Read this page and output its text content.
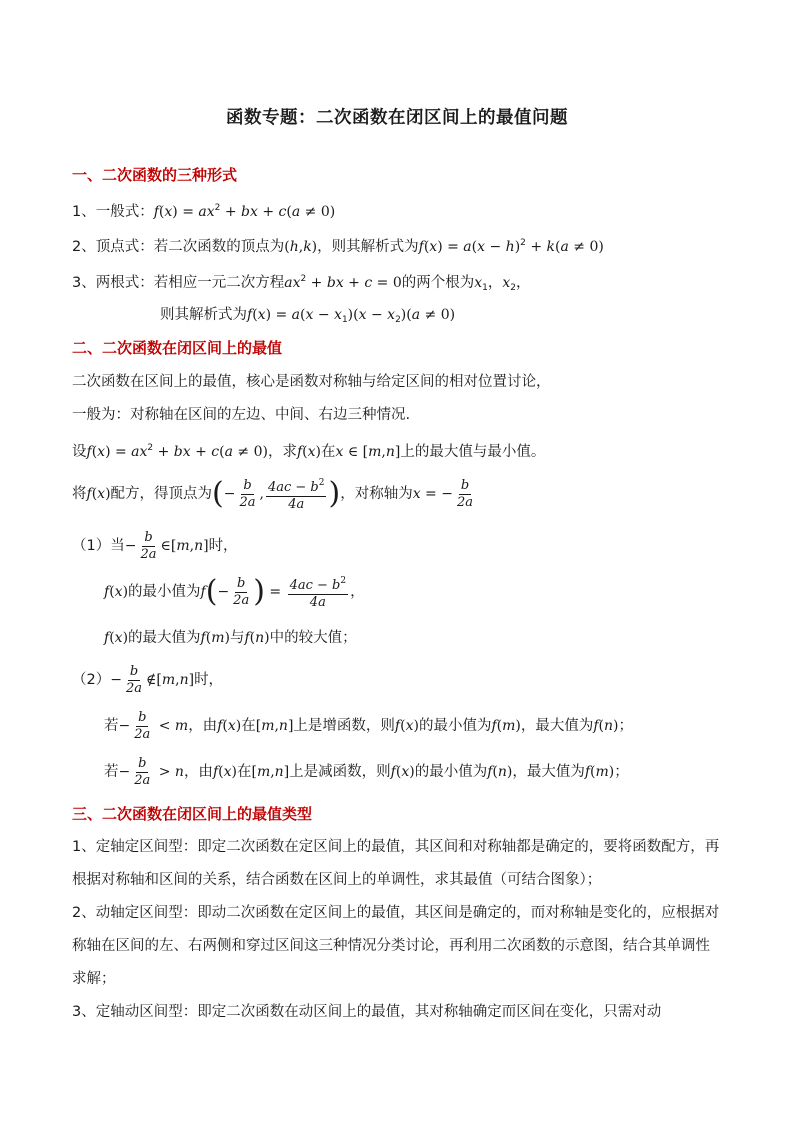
函数专题：二次函数在闭区间上的最值问题
一、二次函数的三种形式
1、一般式：$f(x) = ax^2$ + bx + c(a ≠ 0)
2、顶点式：若二次函数的顶点为(h,k)，则其解析式为$f(x) = a(x - h)^2 + k(a \ne 0)$
3、两根式：若相应一元二次方程$ax^2$ + bx + c = 0的两个根为$x_1$，$x_2$，
则其解析式为$f(x) = a(x - x_1)(x - x_2)(a \ne 0)$
二、二次函数在闭区间上的最值
二次函数在区间上的最值，核心是函数对称轴与给定区间的相对位置讨论，
一般为：对称轴在区间的左边、中间、右边三种情况.
设$f(x) = ax^2$ + bx + c(a ≠ 0)，求f(x)在x ∈ [m,n]上的最大值与最小值。
将f(x)配方，得顶点为(− $\frac{b}{2a}$ , $\frac{4ac - b^2}{4a}$ )，对称轴为x = − $\frac{b}{2a}$
（1）当− $\frac{b}{2a}$ ∈[m,n]时，
f(x)的最小值为$f(- \frac{b}{2a}$ ) = $\frac{4ac - b^2}{4a}$ ，
f(x)的最大值为f(m)与f(n)中的较大值；
$(2)- \frac{b}{2a}$ ∉[m,n]时，
若− $\frac{b}{2a} < m$，由f(x)在[m,n]上是增函数，则f(x)的最小值为f(m)，最大值为f(n)；
若− $\frac{b}{2a} > n$，由f(x)在[m,n]上是减函数，则f(x)的最小值为f(n)，最大值为f(m)；
三、二次函数在闭区间上的最值类型
1、定轴定区间型：即定二次函数在定区间上的最值，其区间和对称轴都是确定的，要将函数配方，再根据对称轴和区间的关系，结合函数在区间上的单调性，求其最值（可结合图象）；
2、动轴定区间型：即动二次函数在定区间上的最值，其区间是确定的，而对称轴是变化的，应根据对称轴在区间的左、右两侧和穿过区间这三种情况分类讨论，再利用二次函数的示意图，结合其单调性求解；
3、定轴动区间型：即定二次函数在动区间上的最值，其对称轴确定而区间在变化，只需对动
